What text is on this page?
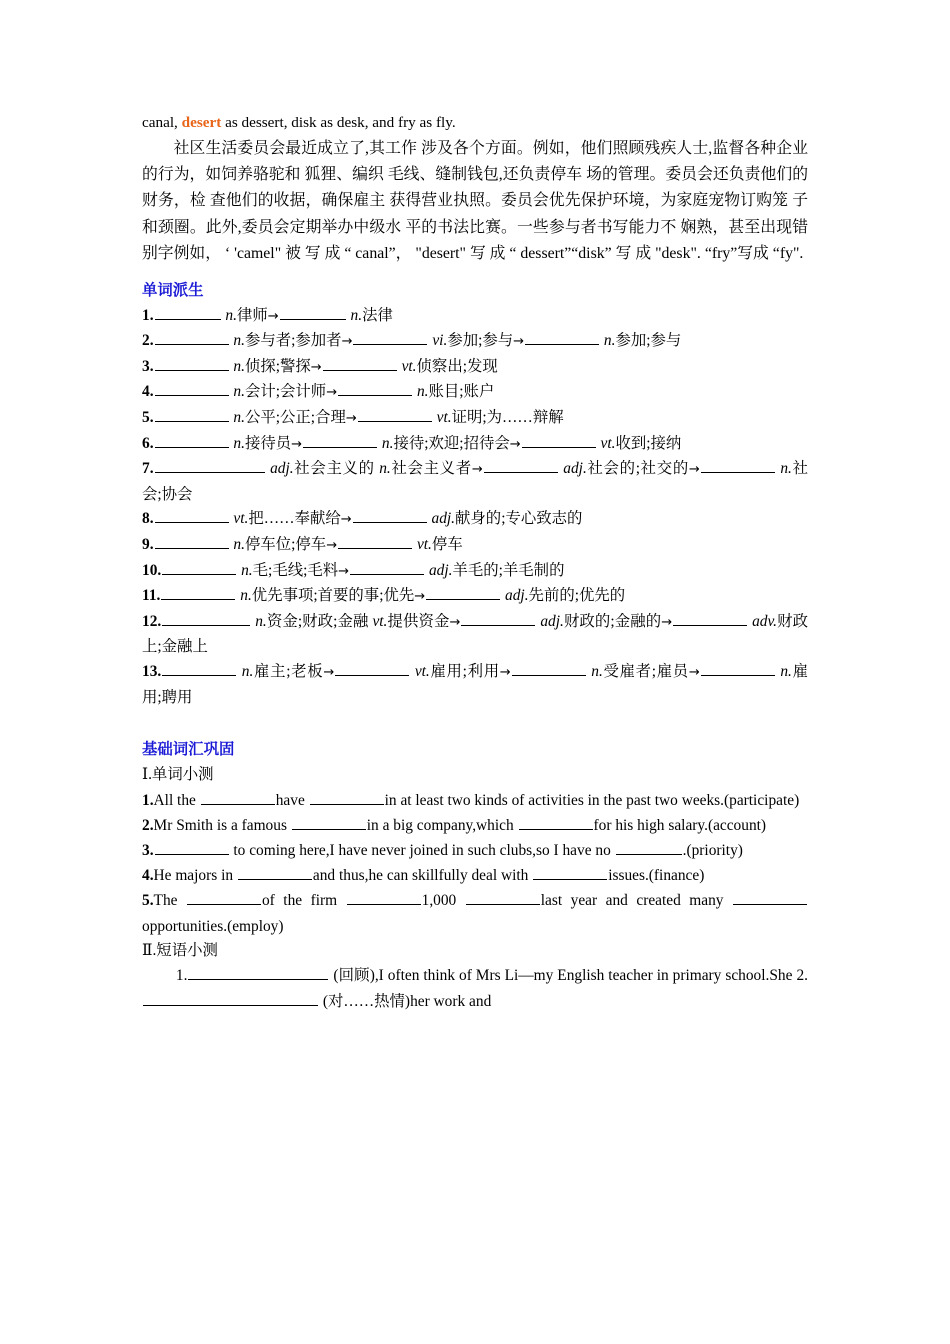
canal, desert as dessert, disk as desk, and fry as fly.

社区生活委员会最近成立了,其工作 涉及各个方面。例如，他们照顾残疾人士,监督各种企业的行为，如饲养骆驼和 狐狸、编织 毛线、缝制钱包,还负责停车 场的管理。委员会还负责他们的财务，检 查他们的收据，确保雇主 获得营业执照。委员会优先保护环境，为家庭宠物订购笼 子和颈圈。此外,委员会定期举办中级水 平的书法比赛。一些参与者书写能力不 娴熟，甚至出现错别字例如， ‘ 'camel" 被 写 成 “ canal”， "desert" 写 成 “ dessert”“disk” 写 成 "desk". “fry”写成 “fy".

单词派生

1.	n.律师→	n.法律

2.	n.参与者;参加者→	vi.参加;参与→	n.参加;参与

3.	n.侦探;警探→	vt.侦察出;发现

4.	n.会计;会计师→	n.账目;账户

5.	n.公平;公正;合理→	vt.证明;为……辩解

6.	n.接待员→	n.接待;欢迎;招待会→	vt.收到;接纳

7.	adj.社会主义的 n.社会主义者→	adj.社会的;社交的→	n.社会;协会

8.	vt.把……奉献给→	adj.献身的;专心致志的

9.	n.停车位;停车→	vt.停车

10.	n.毛;毛线;毛料→	adj.羊毛的;羊毛制的

11.	n.优先事项;首要的事;优先→	adj.先前的;优先的

12.	n.资金;财政;金融 vt.提供资金→	adj.财政的;金融的→	adv.财政上;金融上

13.	n.雇主;老板→	vt.雇用;利用→	n.受雇者;雇员→	n.雇用;聘用

基础词汇巩固

Ⅰ.单词小测

1.All the	have	in at least two kinds of activities in the past two weeks.(participate)

2.Mr Smith is a famous	in a big company,which	for his high salary.(account)

3.	to coming here,I have never joined in such clubs,so I have no	.(priority)

4.He majors in	and thus,he can skillfully deal with	issues.(finance)

5.The	of the firm	1,000	last year and created many opportunities.(employ)

Ⅱ.短语小测

1.	(回顾),I often think of Mrs Li—my English teacher in primary school.She 2. (对……热情)her work and
